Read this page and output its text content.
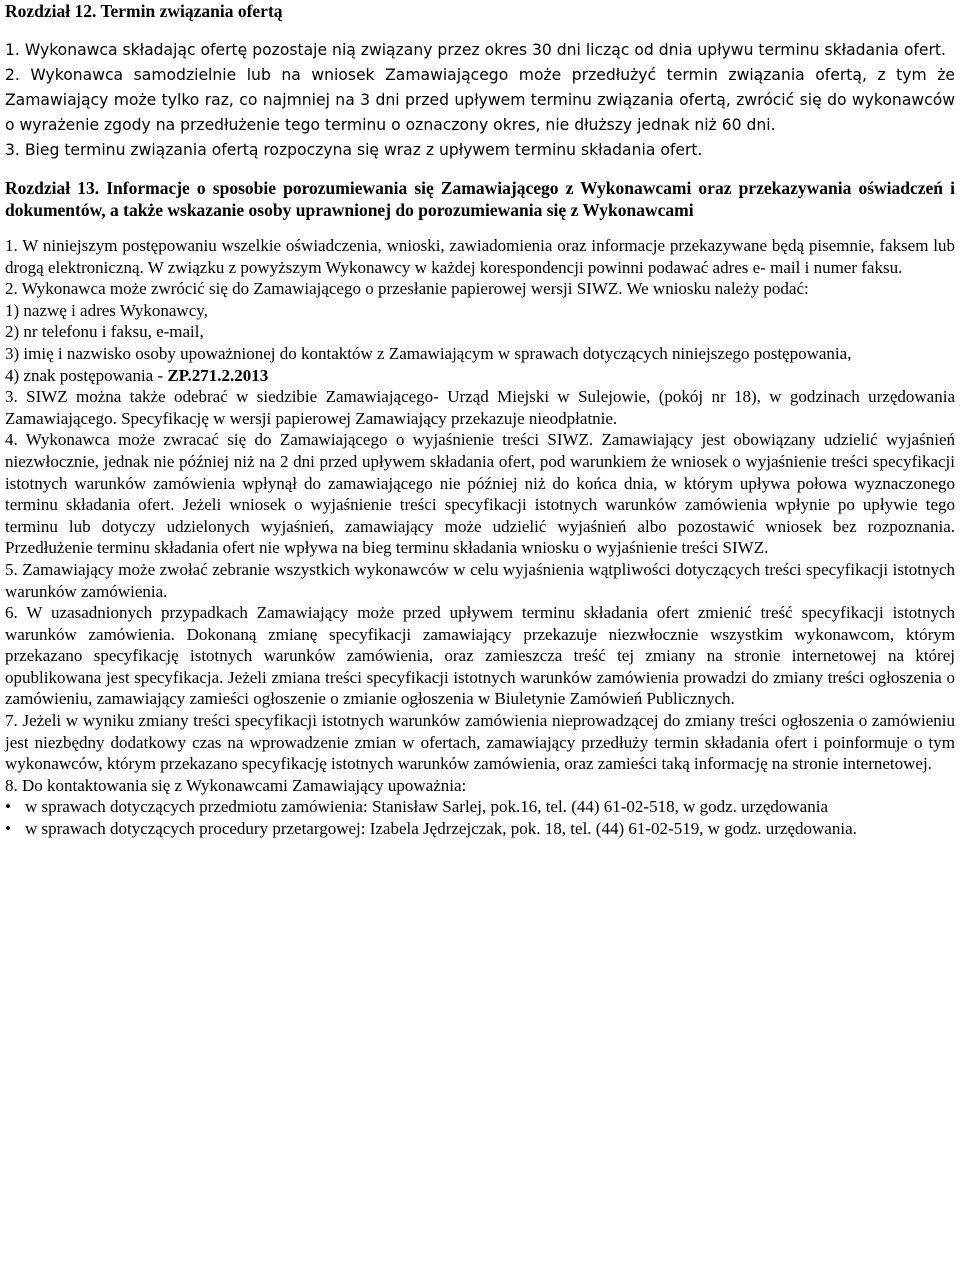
Rozdział 12. Termin związania ofertą

1. Wykonawca składając ofertę pozostaje nią związany przez okres 30 dni licząc od dnia upływu terminu składania ofert.

2. Wykonawca samodzielnie lub na wniosek Zamawiającego może przedłużyć termin związania ofertą, z tym że Zamawiający może tylko raz, co najmniej na 3 dni przed upływem terminu związania ofertą, zwrócić się do wykonawców o wyrażenie zgody na przedłużenie tego terminu o oznaczony okres, nie dłuższy jednak niż 60 dni.

3. Bieg terminu związania ofertą rozpoczyna się wraz z upływem terminu składania ofert.

Rozdział 13. Informacje o sposobie porozumiewania się Zamawiającego z Wykonawcami oraz przekazywania oświadczeń i dokumentów, a także wskazanie osoby uprawnionej do porozumiewania się z Wykonawcami

1. W niniejszym postępowaniu wszelkie oświadczenia, wnioski, zawiadomienia oraz informacje przekazywane będą pisemnie, faksem lub drogą elektroniczną. W związku z powyższym Wykonawcy w każdej korespondencji powinni podawać adres e- mail i numer faksu.

2. Wykonawca może zwrócić się do Zamawiającego o przesłanie papierowej wersji SIWZ. We wniosku należy podać:

1) nazwę i adres Wykonawcy,

2) nr telefonu i faksu, e-mail,

3) imię i nazwisko osoby upoważnionej do kontaktów z Zamawiającym w sprawach dotyczących niniejszego postępowania,

4) znak postępowania - ZP.271.2.2013

3. SIWZ można także odebrać w siedzibie Zamawiającego- Urząd Miejski w Sulejowie, (pokój nr 18), w godzinach urzędowania Zamawiającego. Specyfikację w wersji papierowej Zamawiający przekazuje nieodpłatnie.

4. Wykonawca może zwracać się do Zamawiającego o wyjaśnienie treści SIWZ. Zamawiający jest obowiązany udzielić wyjaśnień niezwłocznie, jednak nie później niż na 2 dni przed upływem składania ofert, pod warunkiem że wniosek o wyjaśnienie treści specyfikacji istotnych warunków zamówienia wpłynął do zamawiającego nie później niż do końca dnia, w którym upływa połowa wyznaczonego terminu składania ofert. Jeżeli wniosek o wyjaśnienie treści specyfikacji istotnych warunków zamówienia wpłynie po upływie tego terminu lub dotyczy udzielonych wyjaśnień, zamawiający może udzielić wyjaśnień albo pozostawić wniosek bez rozpoznania. Przedłużenie terminu składania ofert nie wpływa na bieg terminu składania wniosku o wyjaśnienie treści SIWZ.

5. Zamawiający może zwołać zebranie wszystkich wykonawców w celu wyjaśnienia wątpliwości dotyczących treści specyfikacji istotnych warunków zamówienia.

6. W uzasadnionych przypadkach Zamawiający może przed upływem terminu składania ofert zmienić treść specyfikacji istotnych warunków zamówienia. Dokonaną zmianę specyfikacji zamawiający przekazuje niezwłocznie wszystkim wykonawcom, którym przekazano specyfikację istotnych warunków zamówienia, oraz zamieszcza treść tej zmiany na stronie internetowej na której opublikowana jest specyfikacja. Jeżeli zmiana treści specyfikacji istotnych warunków zamówienia prowadzi do zmiany treści ogłoszenia o zamówieniu, zamawiający zamieści ogłoszenie o zmianie ogłoszenia w Biuletynie Zamówień Publicznych.

7. Jeżeli w wyniku zmiany treści specyfikacji istotnych warunków zamówienia nieprowadzącej do zmiany treści ogłoszenia o zamówieniu jest niezbędny dodatkowy czas na wprowadzenie zmian w ofertach, zamawiający przedłuży termin składania ofert i poinformuje o tym wykonawców, którym przekazano specyfikację istotnych warunków zamówienia, oraz zamieści taką informację na stronie internetowej.

8. Do kontaktowania się z Wykonawcami Zamawiający upoważnia:

• w sprawach dotyczących przedmiotu zamówienia: Stanisław Sarlej, pok.16, tel. (44) 61-02-518, w godz. urzędowania
• w sprawach dotyczących procedury przetargowej: Izabela Jędrzejczak, pok. 18, tel. (44) 61-02-519, w godz. urzędowania.
